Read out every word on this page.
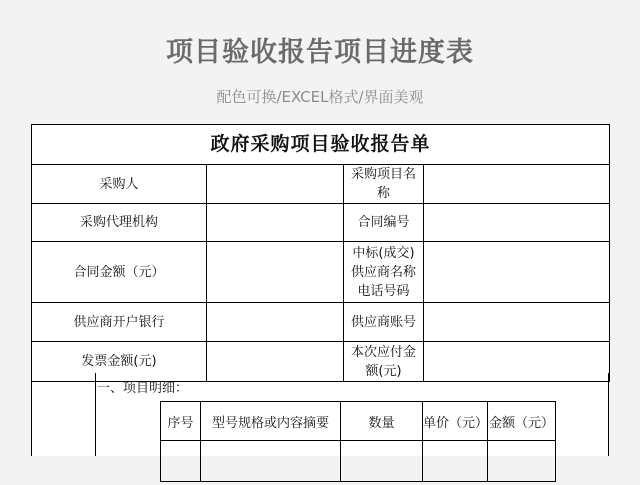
项目验收报告项目进度表
配色可换/EXCEL格式/界面美观
政府采购项目验收报告单			
采购人		采购项目名称	
采购代理机构		合同编号	
合同金额（元）		中标(成交)供应商名称　电话号码	
供应商开户银行		供应商账号	
发票金额(元)		本次应付金额(元)	
一、项目明细：
序号	型号规格或内容摘要	数量	单价（元）	金额（元）
